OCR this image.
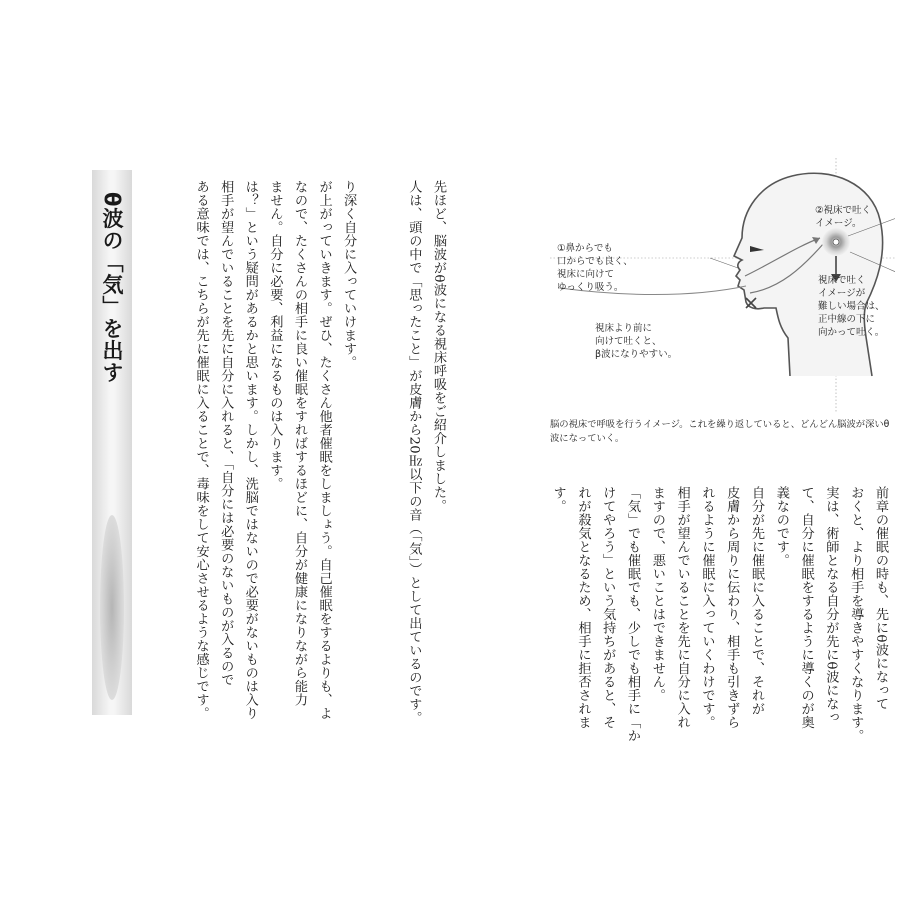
先ほど、脳波がθ波になる視床呼吸をご紹介しました。

人は、頭の中で「思ったこと」が皮膚から20㎐以下の音（「気」）として出ているのです。

θ波の「気」を出す	り深く自分に入っていけます。

が上がっていきます。ぜひ、たくさん他者催眠をしましょう。自己催眠をするよりも、よ

なので、たくさんの相手に良い催眠をすればするほどに、自分が健康になりながら能力

ません。自分に必要、利益になるものは入ります。

は？」という疑問があるかと思います。しかし、洗脳ではないので必要がないものは入り

相手が望んでいることを先に自分に入れると、「自分には必要のないものが入るので

ある意味では、こちらが先に催眠に入ることで、毒味をして安心させるような感じです。	①鼻からでも
口からでも良く、
視床に向けて
ゆっくり吸う。
②視床で吐く
イメージ。
視床で吐く
イメージが
難しい場合は、
正中線の下に
向かって吐く。
視床より前に
向けて吐くと、
β波になりやすい。
脳の視床で呼吸を行うイメージ。これを繰り返していると、どんどん脳波が深いθ波になっていく。

前章の催眠の時も、先にθ波になって

おくと、より相手を導きやすくなります。

実は、術師となる自分が先にθ波になっ

て、自分に催眠をするように導くのが奥

義なのです。

自分が先に催眠に入ることで、それが

皮膚から周りに伝わり、相手も引きずら

れるように催眠に入っていくわけです。

相手が望んでいることを先に自分に入れ

ますので、悪いことはできません。

「気」でも催眠でも、少しでも相手に「か

けてやろう」という気持ちがあると、そ

れが殺気となるため、相手に拒否されま

す。
